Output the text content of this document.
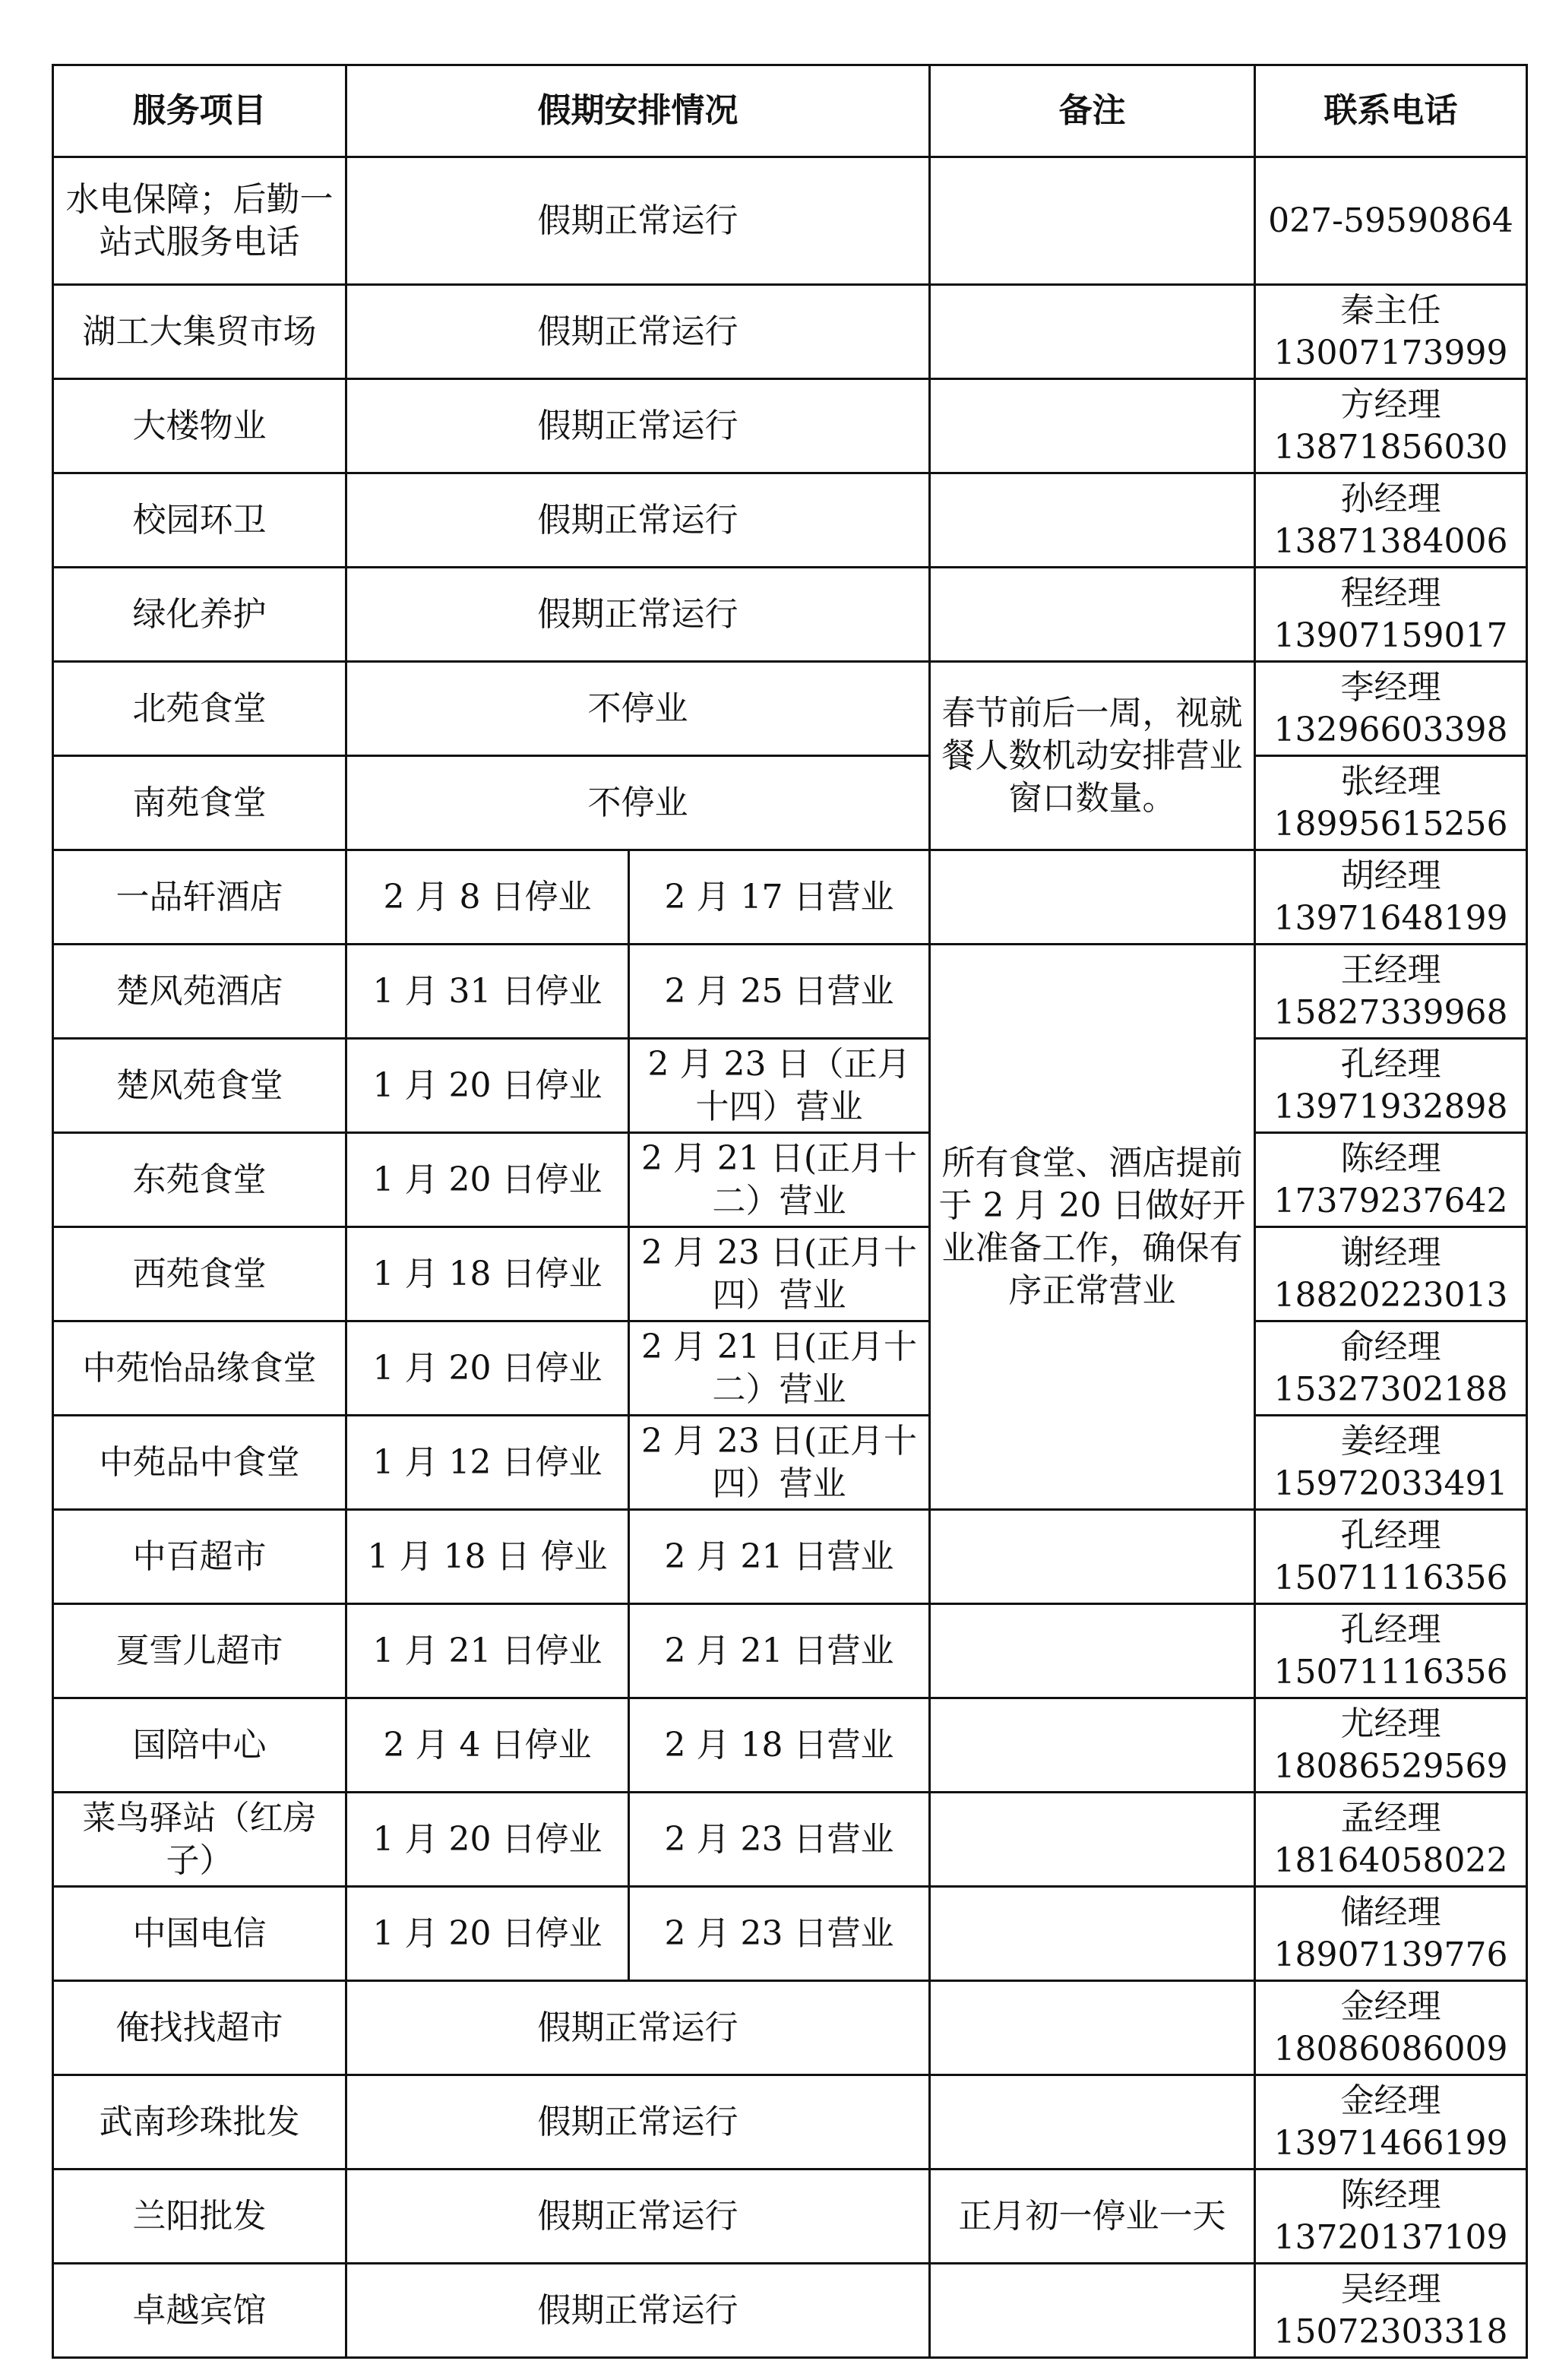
服务项目	假期安排情况		备注	联系电话
水电保障；后勤一站式服务电话	假期正常运行			027-59590864

湖工大集贸市场	假期正常运行			秦主任
13007173999

大楼物业	假期正常运行			方经理
13871856030

校园环卫	假期正常运行			孙经理
13871384006

绿化养护	假期正常运行			程经理
13907159017

北苑食堂	不停业		春节前后一周，视就餐人数机动安排营业窗口数量。	李经理
13296603398

南苑食堂	不停业			张经理
18995615256

一品轩酒店	2 月 8 日停业	2 月 17 日营业		胡经理
13971648199

楚风苑酒店	1 月 31 日停业	2 月 25 日营业	所有食堂、酒店提前于 2 月 20 日做好开业准备工作，确保有序正常营业	王经理
15827339968

楚风苑食堂	1 月 20 日停业	2 月 23 日（正月十四）营业		孔经理
13971932898

东苑食堂	1 月 20 日停业	2 月 21 日(正月十二）营业		陈经理
17379237642

西苑食堂	1 月 18 日停业	2 月 23 日(正月十四）营业		谢经理
18820223013

中苑怡品缘食堂	1 月 20 日停业	2 月 21 日(正月十二）营业		俞经理
15327302188

中苑品中食堂	1 月 12 日停业	2 月 23 日(正月十四）营业		姜经理
15972033491

中百超市	1 月 18 日 停业	2 月 21 日营业		孔经理
15071116356

夏雪儿超市	1 月 21 日停业	2 月 21 日营业		孔经理
15071116356

国陪中心	2 月 4 日停业	2 月 18 日营业		尤经理
18086529569

菜鸟驿站（红房子）	1 月 20 日停业	2 月 23 日营业		孟经理
18164058022

中国电信	1 月 20 日停业	2 月 23 日营业		储经理
18907139776

俺找找超市	假期正常运行			金经理
18086086009

武南珍珠批发	假期正常运行			金经理
13971466199

兰阳批发	假期正常运行		正月初一停业一天	陈经理
13720137109

卓越宾馆	假期正常运行			吴经理
15072303318
